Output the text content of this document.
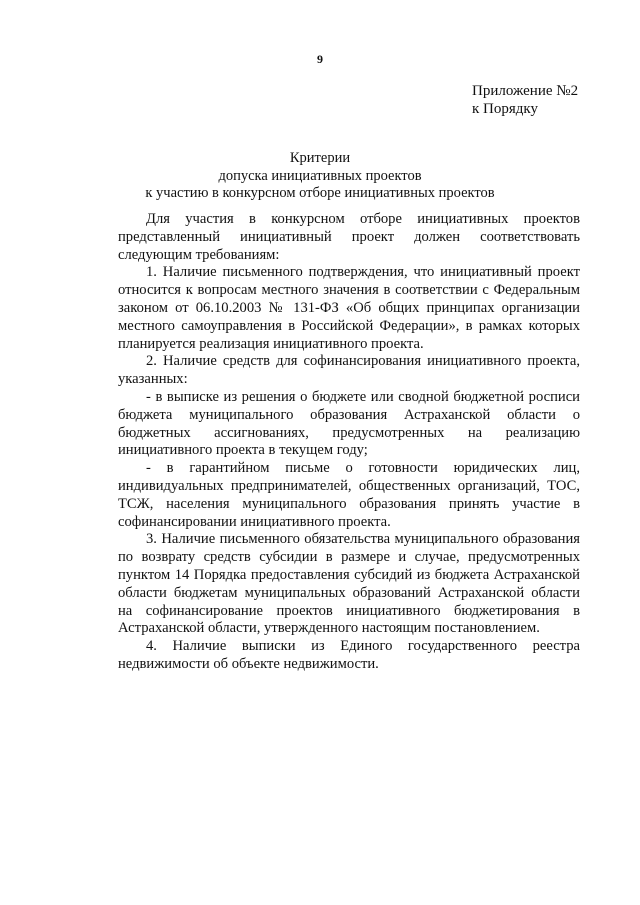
9
Приложение №2
к Порядку
Критерии
допуска инициативных проектов
к участию в конкурсном отборе инициативных проектов

Для участия в конкурсном отборе инициативных проектов представленный инициативный проект должен соответствовать следующим требованиям:

1. Наличие письменного подтверждения, что инициативный проект относится к вопросам местного значения в соответствии с Федеральным законом от 06.10.2003 № 131-ФЗ «Об общих принципах организации местного самоуправления в Российской Федерации», в рамках которых планируется реализация инициативного проекта.

2. Наличие средств для софинансирования инициативного проекта, указанных:

- в выписке из решения о бюджете или сводной бюджетной росписи бюджета муниципального образования Астраханской области о бюджетных ассигнованиях, предусмотренных на реализацию инициативного проекта в текущем году;

- в гарантийном письме о готовности юридических лиц, индивидуальных предпринимателей, общественных организаций, ТОС, ТСЖ, населения муниципального образования принять участие в софинансировании инициативного проекта.

3. Наличие письменного обязательства муниципального образования по возврату средств субсидии в размере и случае, предусмотренных пунктом 14 Порядка предоставления субсидий из бюджета Астраханской области бюджетам муниципальных образований Астраханской области на софинансирование проектов инициативного бюджетирования в Астраханской области, утвержденного настоящим постановлением.

4. Наличие выписки из Единого государственного реестра недвижимости об объекте недвижимости.
